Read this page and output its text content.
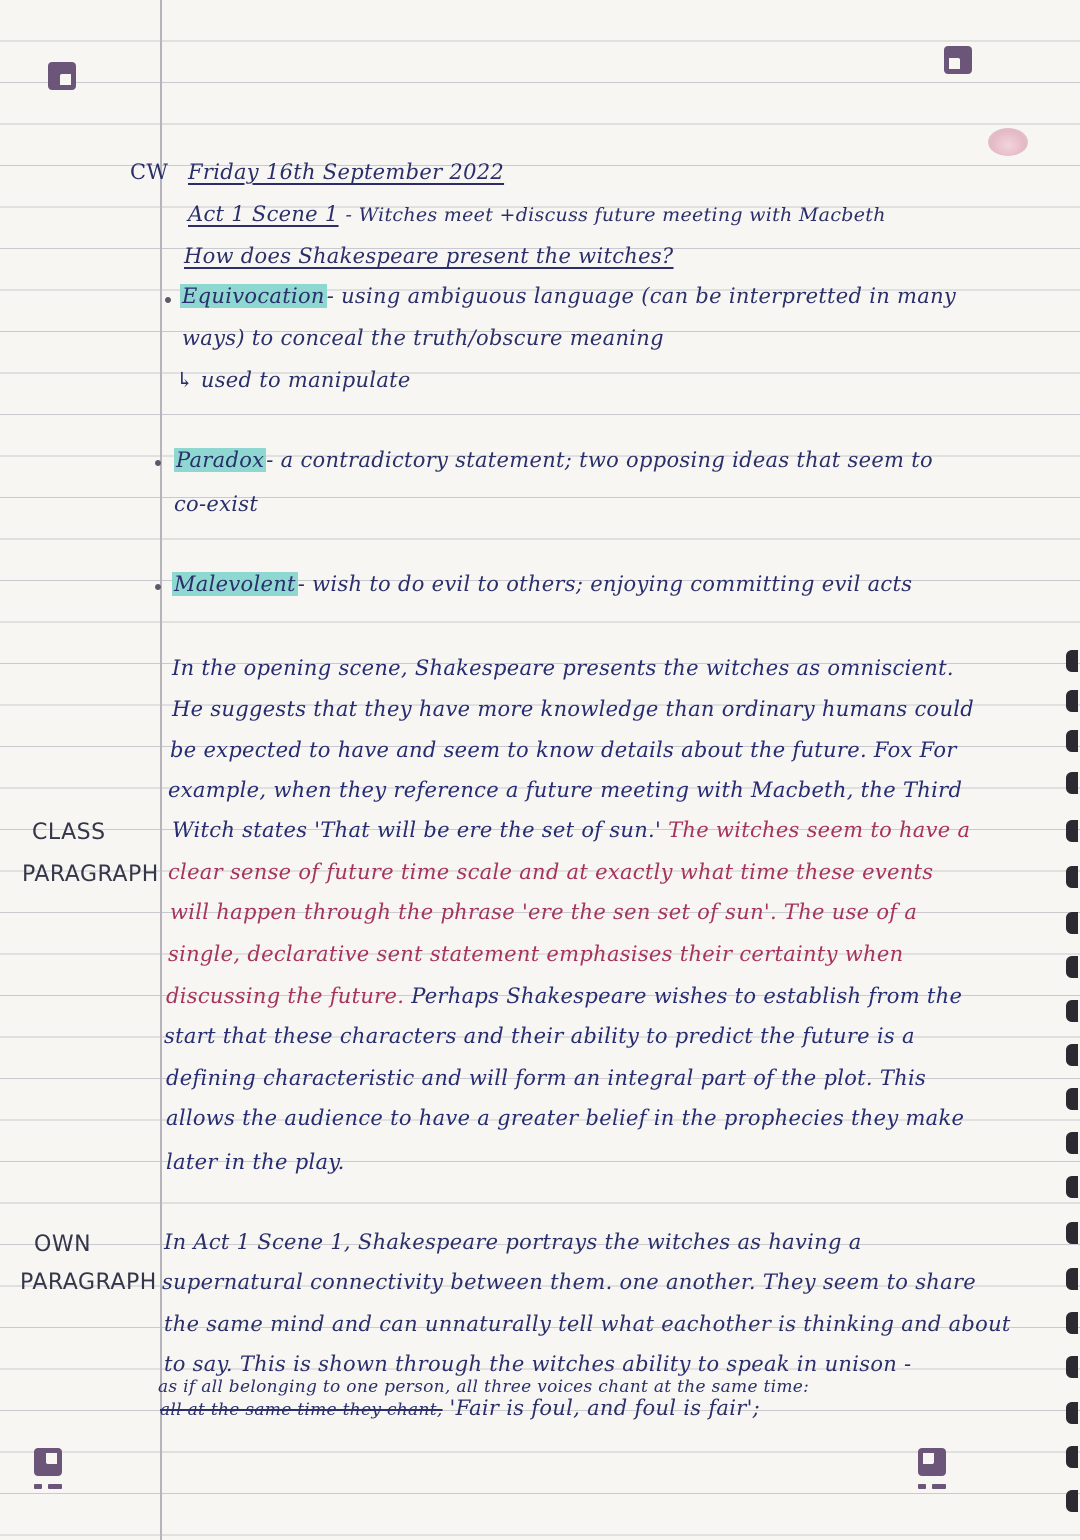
CW Friday 16th September 2022
Act 1 Scene 1 - Witches meet +discuss future meeting with Macbeth
How does Shakespeare present the witches?
Equivocation- using ambiguous language (can be interpretted in many
ways) to conceal the truth/obscure meaning
↳ used to manipulate
Paradox- a contradictory statement; two opposing ideas that seem to
co-exist
Malevolent- wish to do evil to others; enjoying committing evil acts
CLASS
PARAGRAPH
In the opening scene, Shakespeare presents the witches as omniscient.
He suggests that they have more knowledge than ordinary humans could
be expected to have and seem to know details about the future. Fox For
example, when they reference a future meeting with Macbeth, the Third
Witch states 'That will be ere the set of sun.' The witches seem to have a
clear sense of future time scale and at exactly what time these events
will happen through the phrase 'ere the sen set of sun'. The use of a
single, declarative sent statement emphasises their certainty when
discussing the future. Perhaps Shakespeare wishes to establish from the
start that these characters and their ability to predict the future is a
defining characteristic and will form an integral part of the plot. This
allows the audience to have a greater belief in the prophecies they make
later in the play.
OWN
PARAGRAPH
In Act 1 Scene 1, Shakespeare portrays the witches as having a
supernatural connectivity between them. one another. They seem to share
the same mind and can unnaturally tell what eachother is thinking and about
to say. This is shown through the witches ability to speak in unison -
as if all belonging to one person, all three voices chant at the same time:
all at the same time they chant, 'Fair is foul, and foul is fair';
